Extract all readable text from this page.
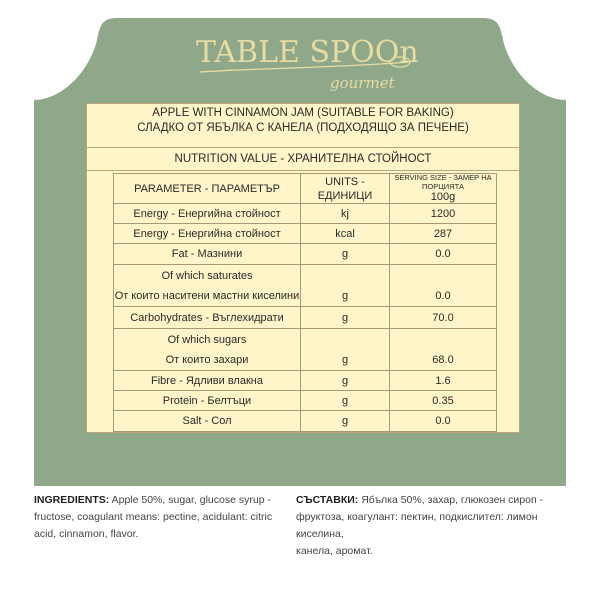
TABLE SPOOn
gourmet
APPLE WITH CINNAMON JAM (SUITABLE FOR BAKING)
СЛАДКО ОТ ЯБЪЛКА С КАНЕЛА (ПОДХОДЯЩО ЗА ПЕЧЕНЕ)
NUTRITION VALUE - ХРАНИТЕЛНА СТОЙНОСТ
PARAMETER - ПАРАМЕТЪР	UNITS - ЕДИНИЦИ	SERVING SIZE - ЗАМЕР НА ПОРЦИЯТА
100g

Energy - Енергийна стойност	kj	1200
Energy - Енергийна стойност	kcal	287
Fat - Мазнини	g	0.0

Of which saturates
От които наситени мастни киселини	g	0.0
Carbohydrates - Въглехидрати	g	70.0

Of which sugars
От които захари	g	68.0
Fibre - Ядливи влакна	g	1.6
Protein - Белтъци	g	0.35
Salt - Сол	g	0.0
INGREDIENTS: Apple 50%, sugar, glucose syrup -
fructose, coagulant means: pectine, acidulant: citric
acid, cinnamon, flavor.
СЪСТАВКИ: Ябълка 50%, захар, глюкозен сироп -
фруктоза, коагулант: пектин, подкислител: лимон киселина,
канела, аромат.
